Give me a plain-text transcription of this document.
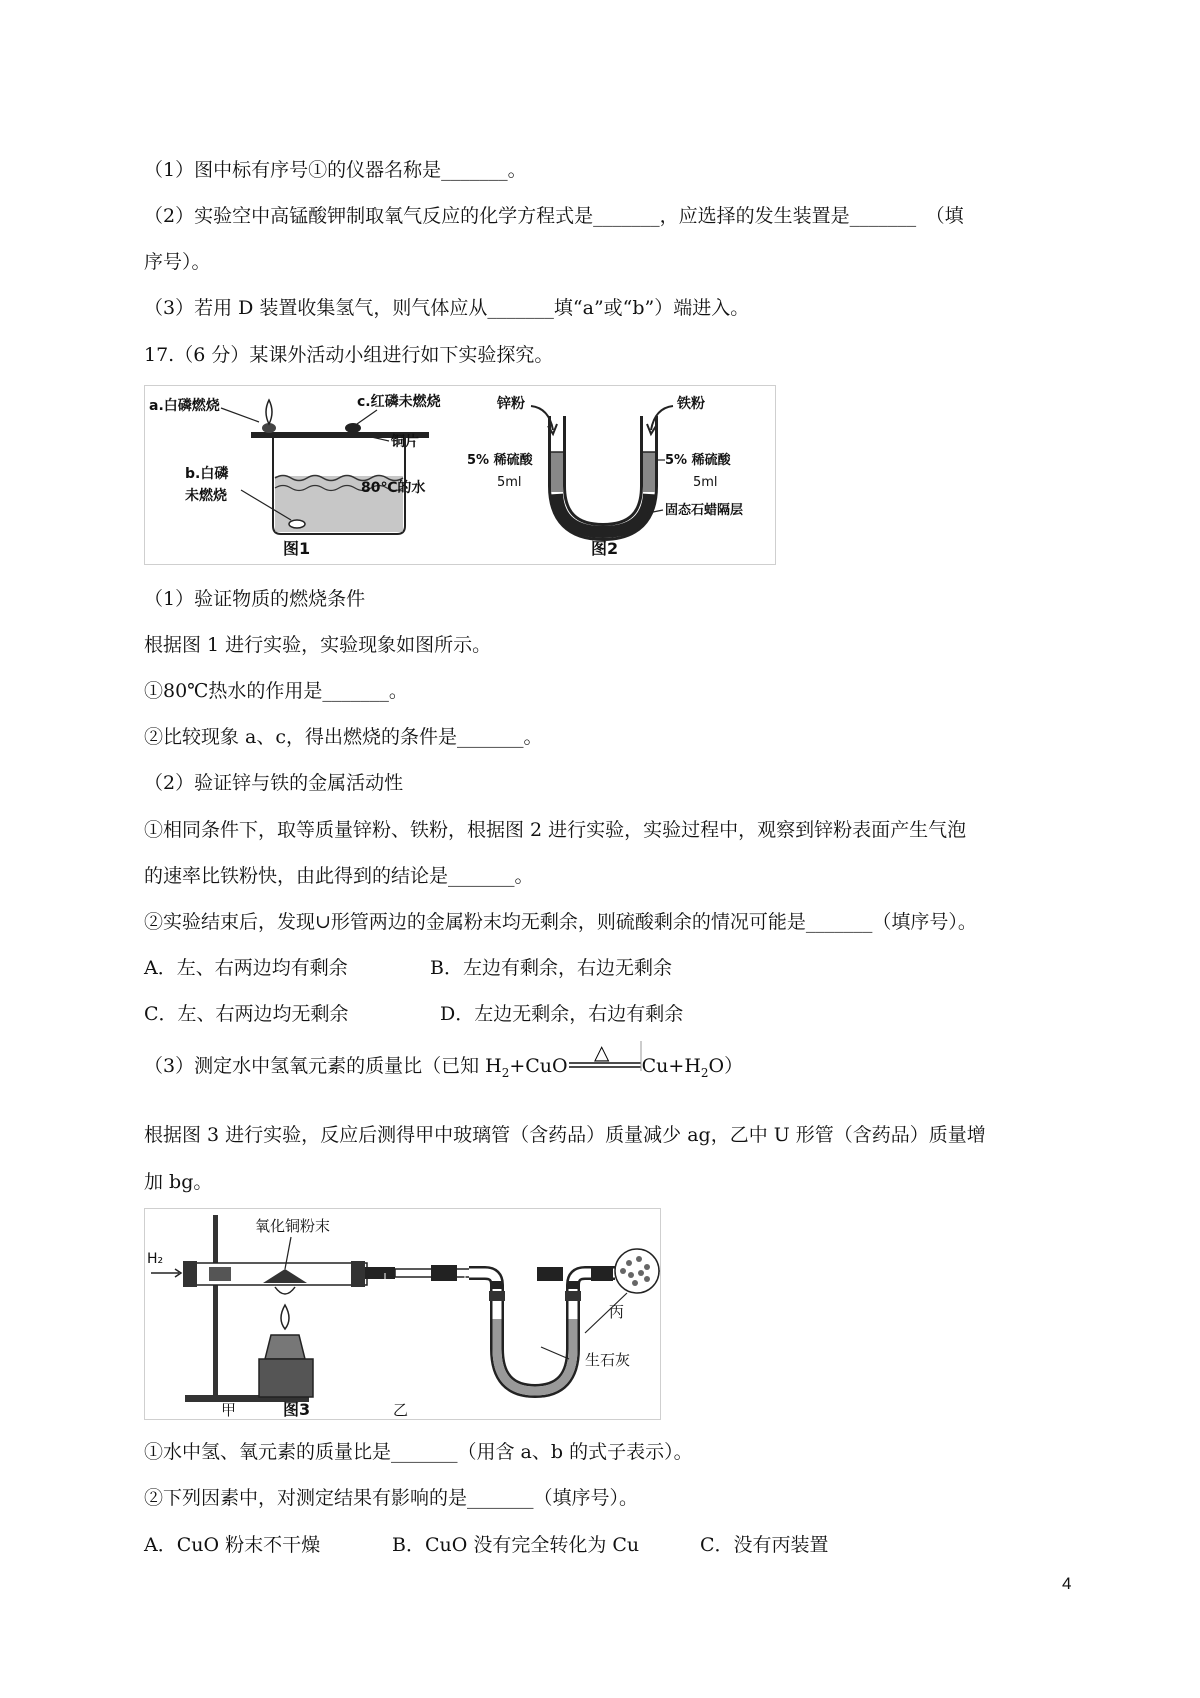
（1）图中标有序号①的仪器名称是_______。
（2）实验空中高锰酸钾制取氧气反应的化学方程式是_______，应选择的发生装置是_______　（填
序号）。
（3）若用 D 装置收集氢气，则气体应从_______填“a”或“b”）端进入。
17.（6 分）某课外活动小组进行如下实验探究。
a.白磷燃烧	c.红磷未燃烧
铜片
b.白磷
未燃烧	80℃的水
图1
锌粉	铁粉
5% 稀硫酸
5ml
5% 稀硫酸
5ml
固态石蜡隔层
图2
（1）验证物质的燃烧条件
根据图 1 进行实验，实验现象如图所示。
①80℃热水的作用是_______。
②比较现象 a、c，得出燃烧的条件是_______。
（2）验证锌与铁的金属活动性
①相同条件下，取等质量锌粉、铁粉，根据图 2 进行实验，实验过程中，观察到锌粉表面产生气泡
的速率比铁粉快，由此得到的结论是_______。
②实验结束后，发现∪形管两边的金属粉末均无剩余，则硫酸剩余的情况可能是_______（填序号）。
A．左、右两边均有剩余	B．左边有剩余，右边无剩余
C．左、右两边均无剩余	D．左边无剩余，右边有剩余
（3）测定水中氢氧元素的质量比（已知 $H_2+CuO$
△
$Cu+H_2O$）
根据图 3 进行实验，反应后测得甲中玻璃管（含药品）质量减少 ag，乙中 U 形管（含药品）质量增
加 bg。
H₂
氧化铜粉末
丙
生石灰
甲	图3	乙
①水中氢、氧元素的质量比是_______（用含 a、b 的式子表示）。
②下列因素中，对测定结果有影响的是_______（填序号）。
A．CuO 粉末不干燥	B．CuO 没有完全转化为 Cu	C．没有丙装置
4
